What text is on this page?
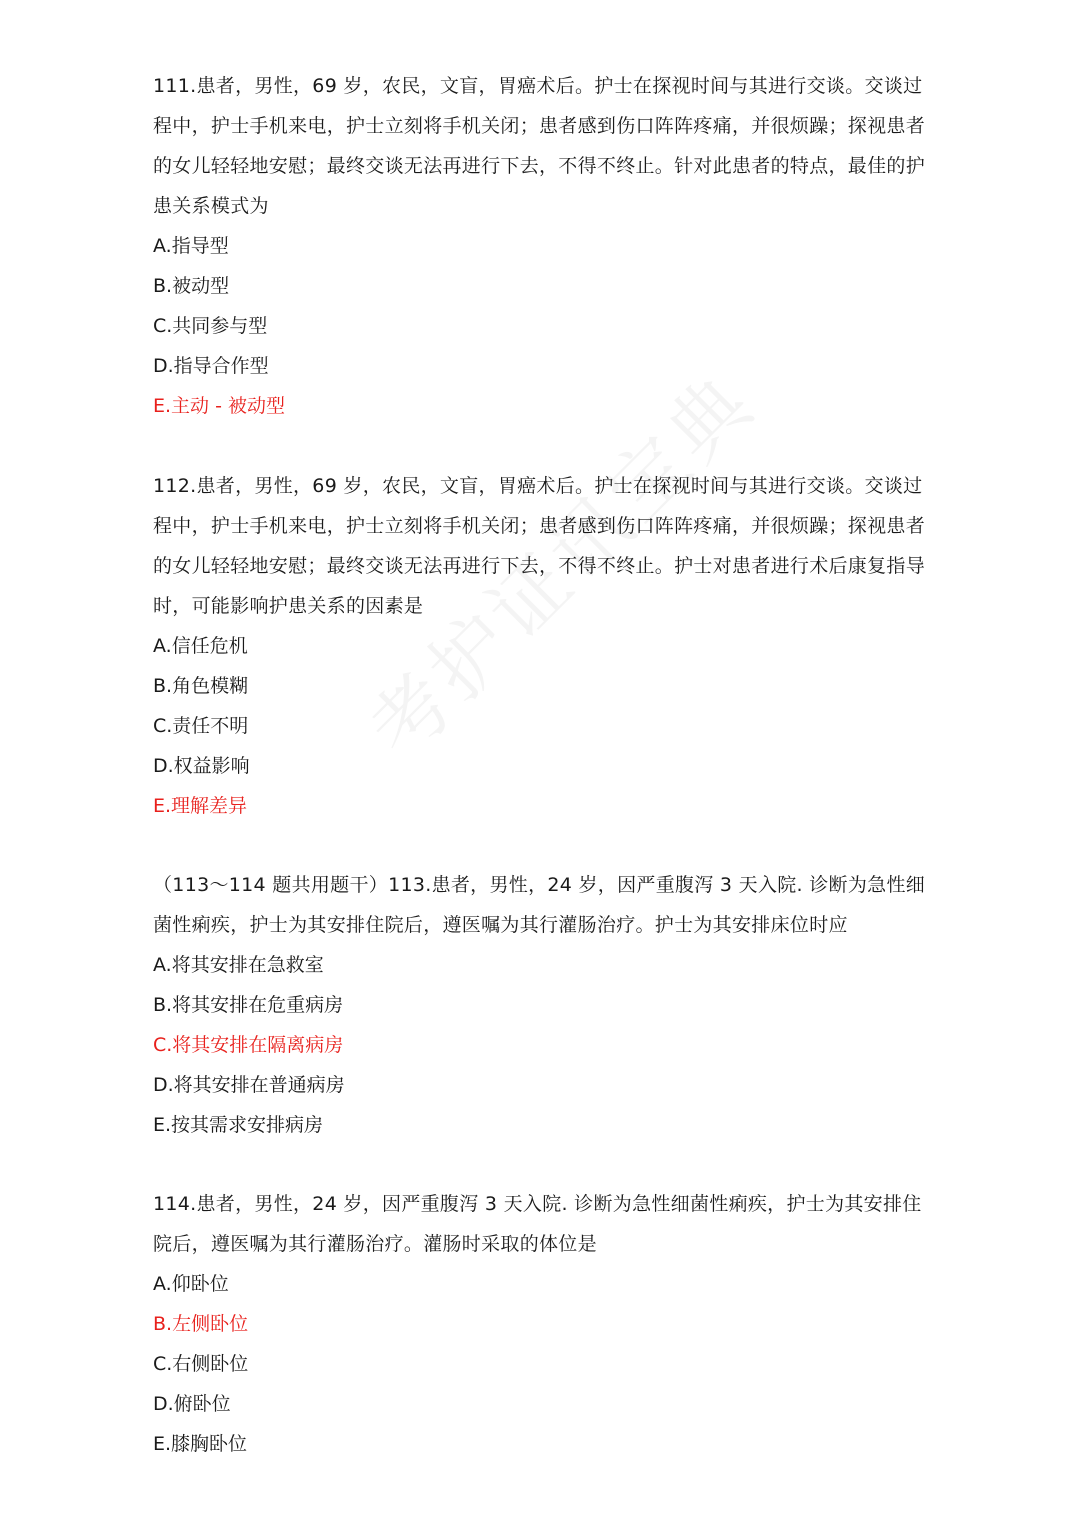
111.患者，男性，69 岁，农民，文盲，胃癌术后。护士在探视时间与其进行交谈。交谈过程中，护士手机来电，护士立刻将手机关闭；患者感到伤口阵阵疼痛，并很烦躁；探视患者的女儿轻轻地安慰；最终交谈无法再进行下去，不得不终止。针对此患者的特点，最佳的护患关系模式为

A.指导型
B.被动型
C.共同参与型
D.指导合作型
E.主动 - 被动型

112.患者，男性，69 岁，农民，文盲，胃癌术后。护士在探视时间与其进行交谈。交谈过程中，护士手机来电，护士立刻将手机关闭；患者感到伤口阵阵疼痛，并很烦躁；探视患者的女儿轻轻地安慰；最终交谈无法再进行下去，不得不终止。护士对患者进行术后康复指导时，可能影响护患关系的因素是

A.信任危机
B.角色模糊
C.责任不明
D.权益影响
E.理解差异

（113～114 题共用题干）113.患者，男性，24 岁，因严重腹泻 3 天入院. 诊断为急性细菌性痢疾，护士为其安排住院后，遵医嘱为其行灌肠治疗。护士为其安排床位时应

A.将其安排在急救室
B.将其安排在危重病房
C.将其安排在隔离病房
D.将其安排在普通病房
E.按其需求安排病房

114.患者，男性，24 岁，因严重腹泻 3 天入院. 诊断为急性细菌性痢疾，护士为其安排住院后，遵医嘱为其行灌肠治疗。灌肠时采取的体位是

A.仰卧位
B.左侧卧位
C.右侧卧位
D.俯卧位
E.膝胸卧位
